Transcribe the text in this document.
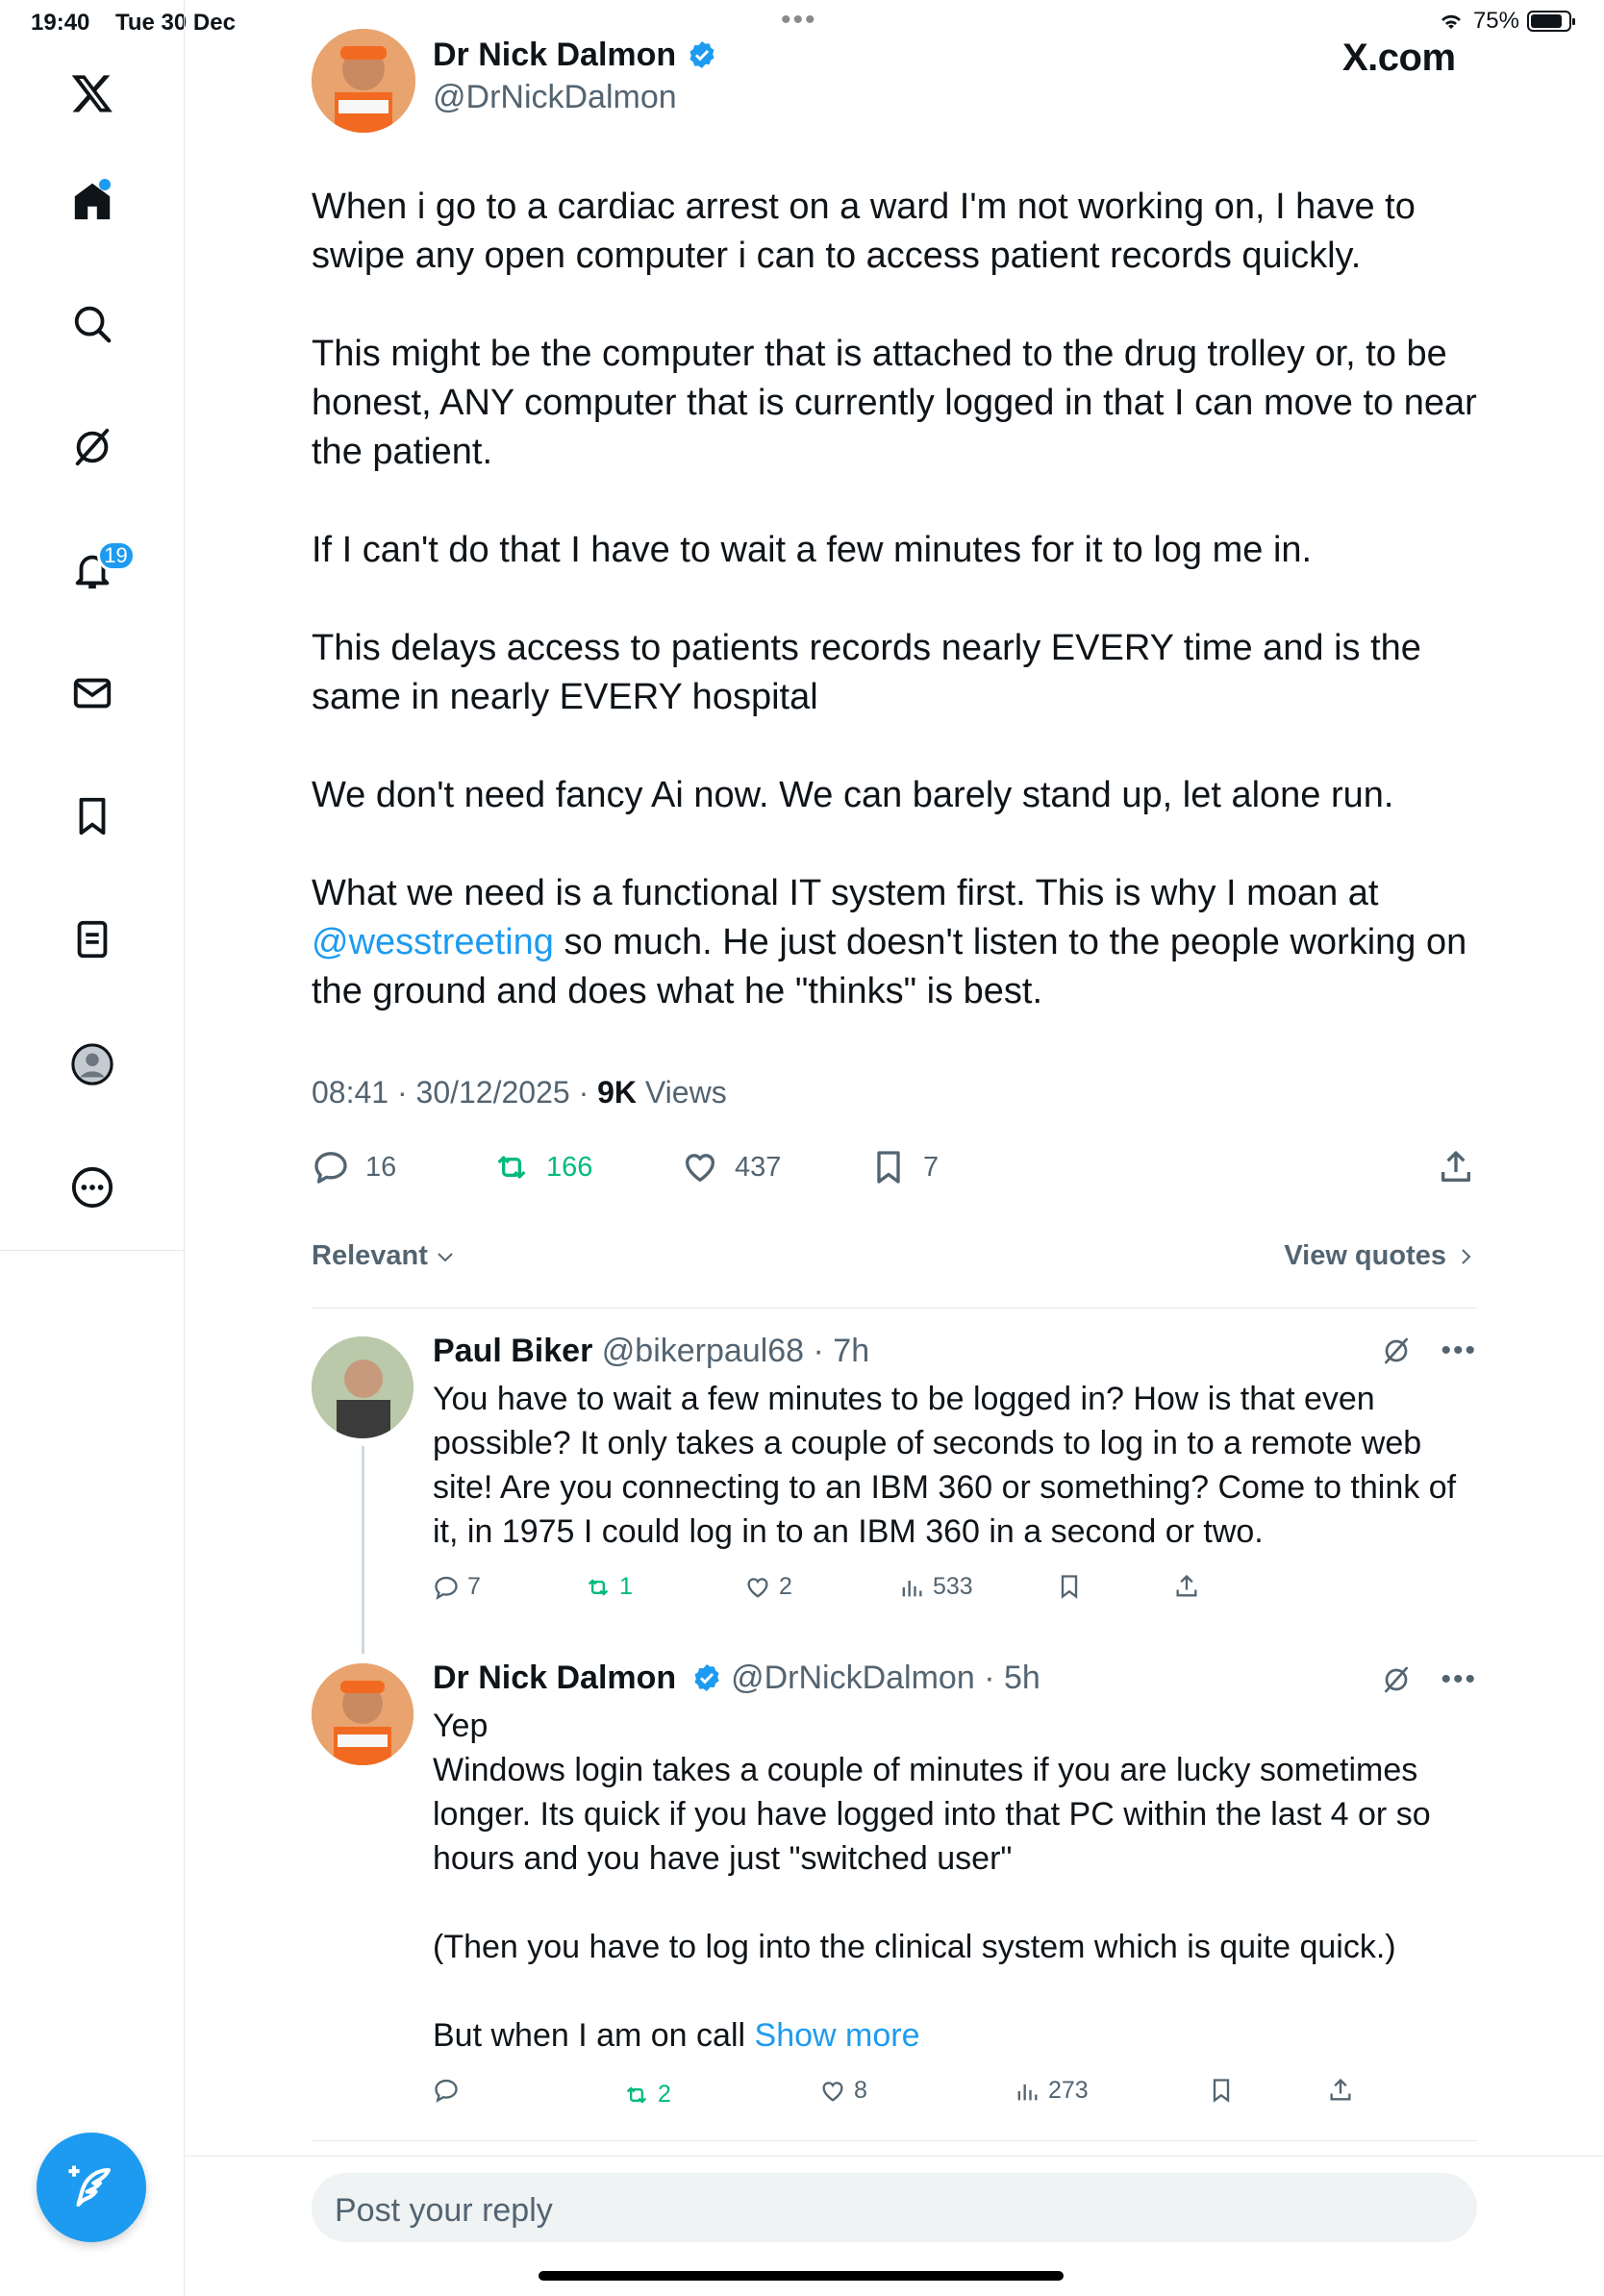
19:40 Tue 30 Dec	•••	75%
19
Dr Nick Dalmon
@DrNickDalmon
X.com

When i go to a cardiac arrest on a ward I'm not working on, I have to swipe any open computer i can to access patient records quickly.

This might be the computer that is attached to the drug trolley or, to be honest, ANY computer that is currently logged in that I can move to near the patient.

If I can't do that I have to wait a few minutes for it to log me in.

This delays access to patients records nearly EVERY time and is the same in nearly EVERY hospital

We don't need fancy Ai now. We can barely stand up, let alone run.

What we need is a functional IT system first. This is why I moan at @wesstreeting so much. He just doesn't listen to the people working on the ground and does what he "thinks" is best.

08:41 · 30/12/2025 · 9K Views
16	166	437	7
Relevant	View quotes
Paul Biker @bikerpaul68 · 7h	•••

You have to wait a few minutes to be logged in? How is that even possible? It only takes a couple of seconds to log in to a remote web site! Are you connecting to an IBM 360 or something? Come to think of it, in 1975 I could log in to an IBM 360 in a second or two.

7	1	2	533
Dr Nick Dalmon @DrNickDalmon · 5h	•••

Yep

Windows login takes a couple of minutes if you are lucky sometimes longer. Its quick if you have logged into that PC within the last 4 or so hours and you have just "switched user"

(Then you have to log into the clinical system which is quite quick.)

But when I am on call Show more

2	8	273
Post your reply
